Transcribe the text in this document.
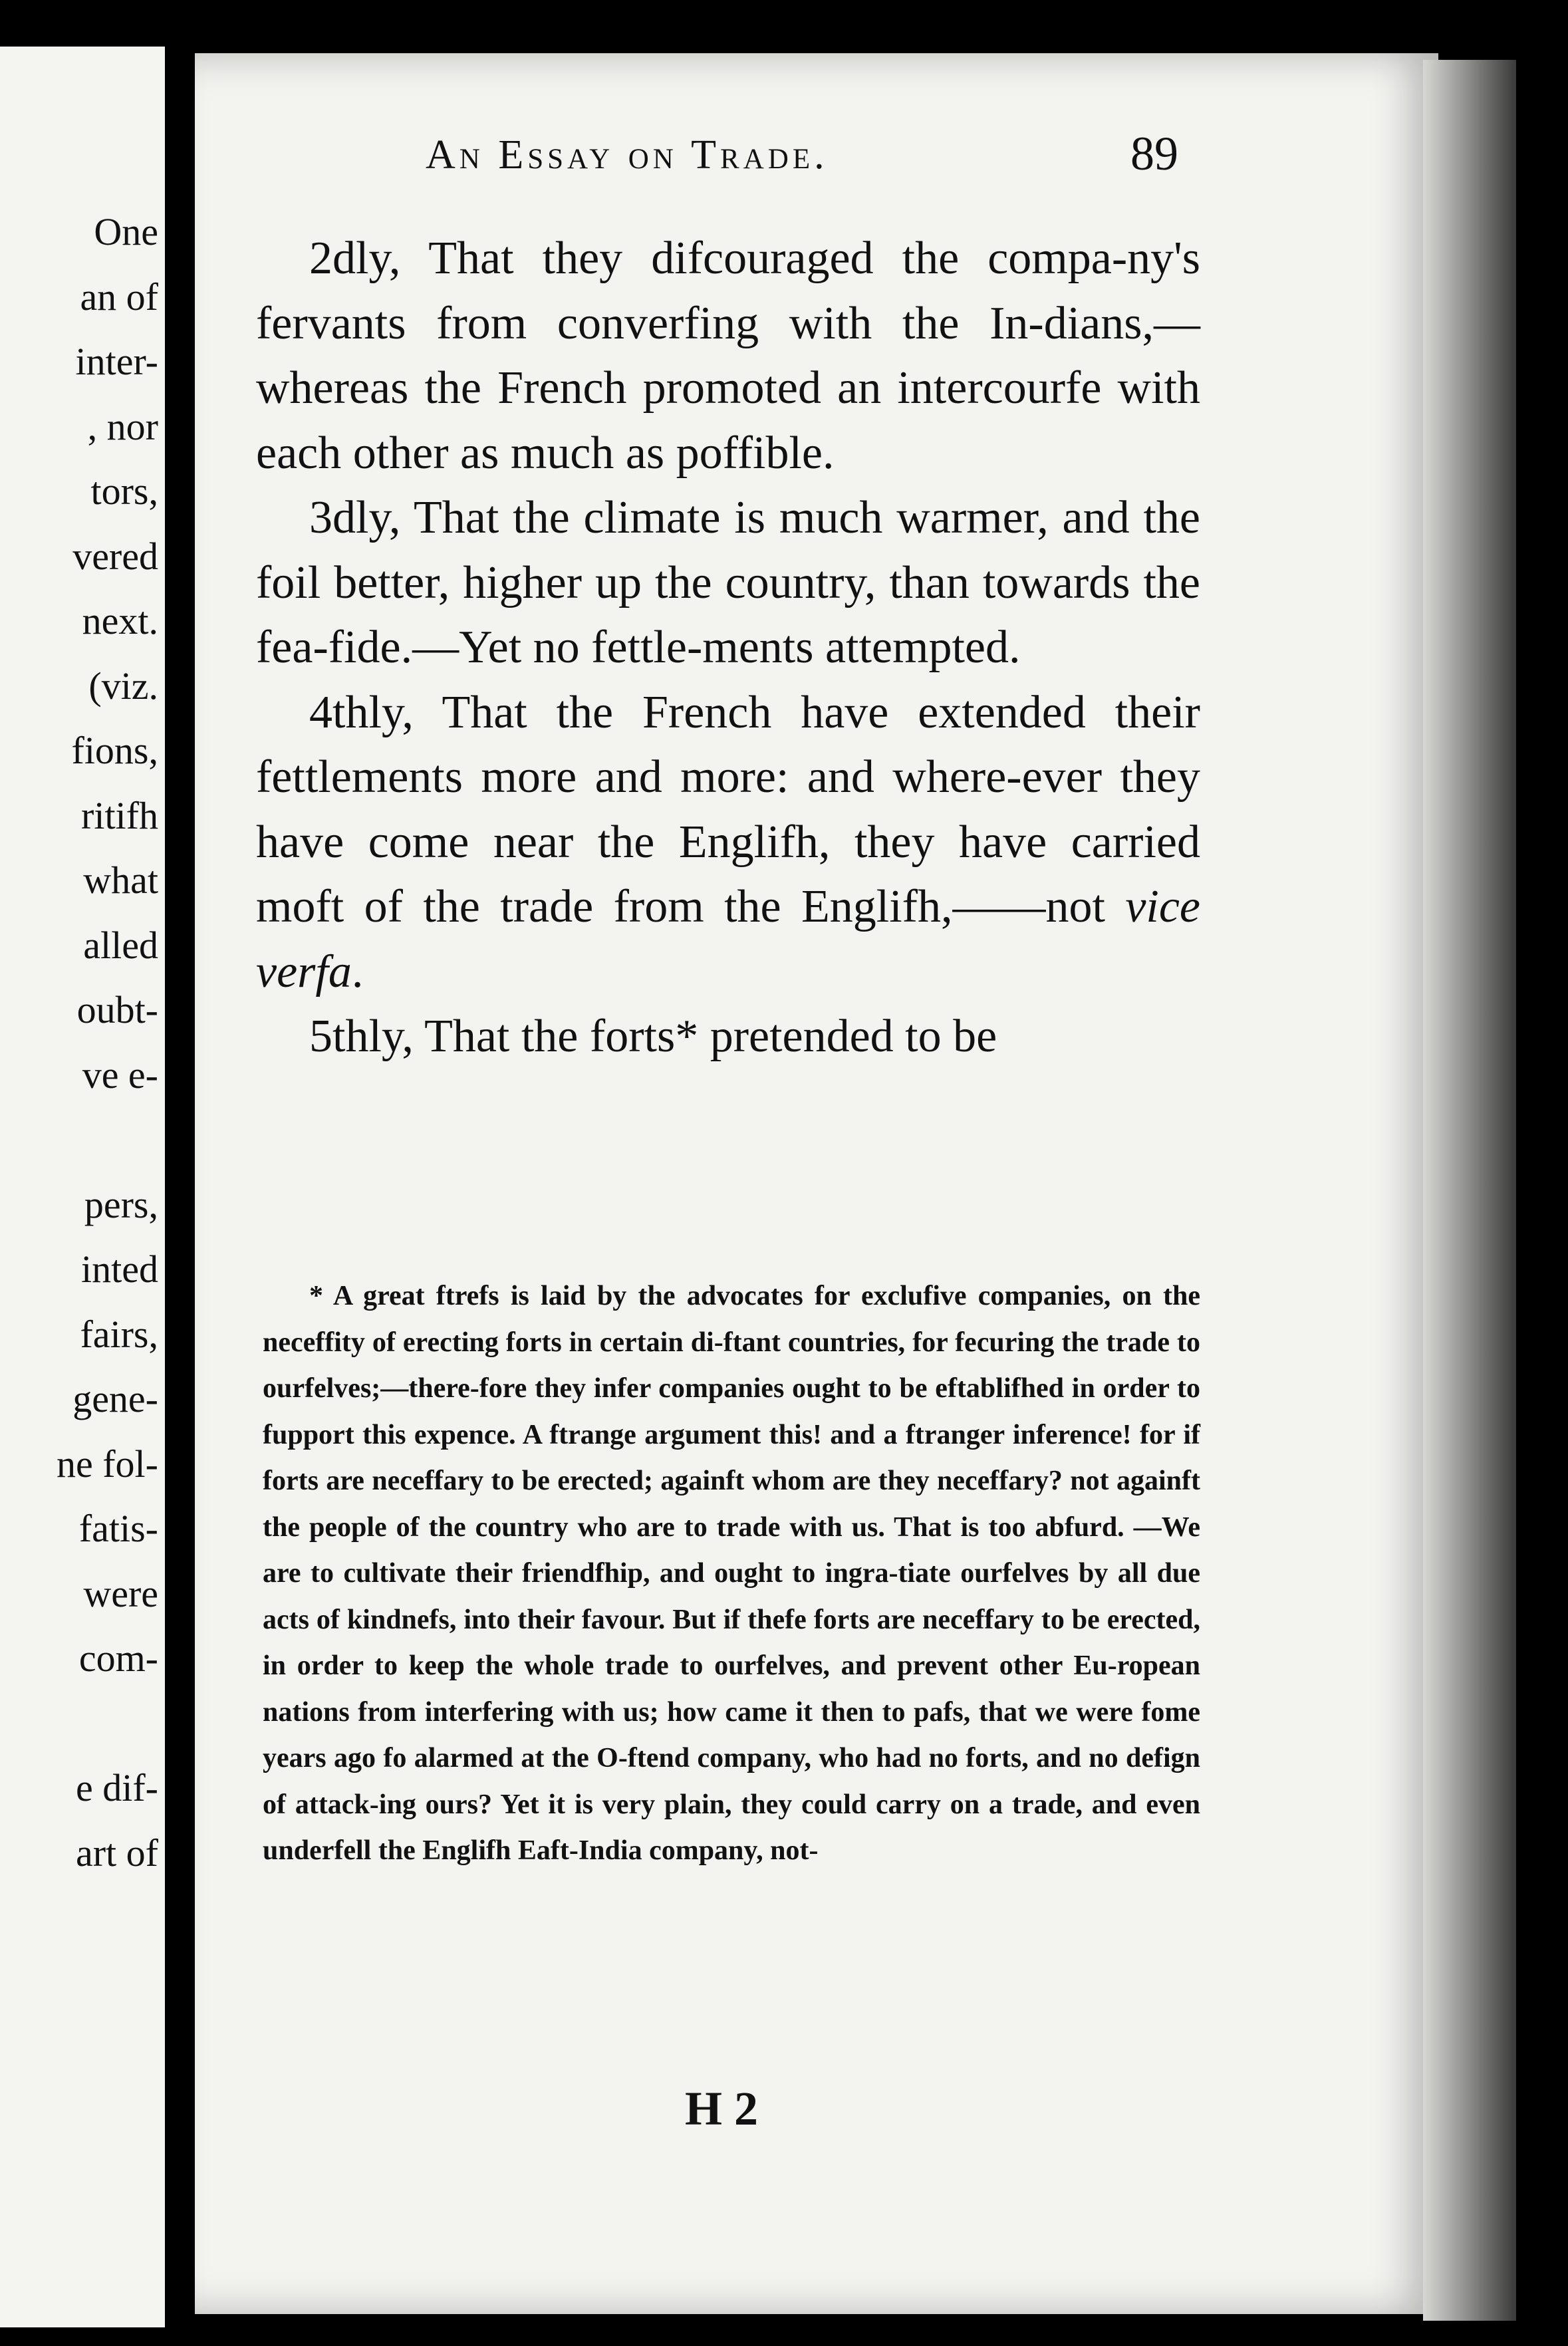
One
an of
inter-
, nor
tors,
vered
next.
(viz.
fions,
ritifh
what
alled
oubt-
ve e-
pers,
inted
fairs,
gene-
ne fol-
fatis-
were
com-
e dif-
art of
An Essay on Trade.	89

2dly, That they difcouraged the compa-ny's fervants from converfing with the In-dians,—whereas the French promoted an intercourfe with each other as much as poffible.

3dly, That the climate is much warmer, and the foil better, higher up the country, than towards the fea-fide.—Yet no fettle-ments attempted.

4thly, That the French have extended their fettlements more and more: and where-ever they have come near the Englifh, they have carried moft of the trade from the Englifh,——not vice verfa.

5thly, That the forts* pretended to be

* A great ftrefs is laid by the advocates for exclufive companies, on the neceffity of erecting forts in certain di-ftant countries, for fecuring the trade to ourfelves;—there-fore they infer companies ought to be eftablifhed in order to fupport this expence. A ftrange argument this! and a ftranger inference! for if forts are neceffary to be erected; againft whom are they neceffary? not againft the people of the country who are to trade with us. That is too abfurd. —We are to cultivate their friendfhip, and ought to ingra-tiate ourfelves by all due acts of kindnefs, into their favour. But if thefe forts are neceffary to be erected, in order to keep the whole trade to ourfelves, and prevent other Eu-ropean nations from interfering with us; how came it then to pafs, that we were fome years ago fo alarmed at the O-ftend company, who had no forts, and no defign of attack-ing ours? Yet it is very plain, they could carry on a trade, and even underfell the Englifh Eaft-India company, not-
H 2
